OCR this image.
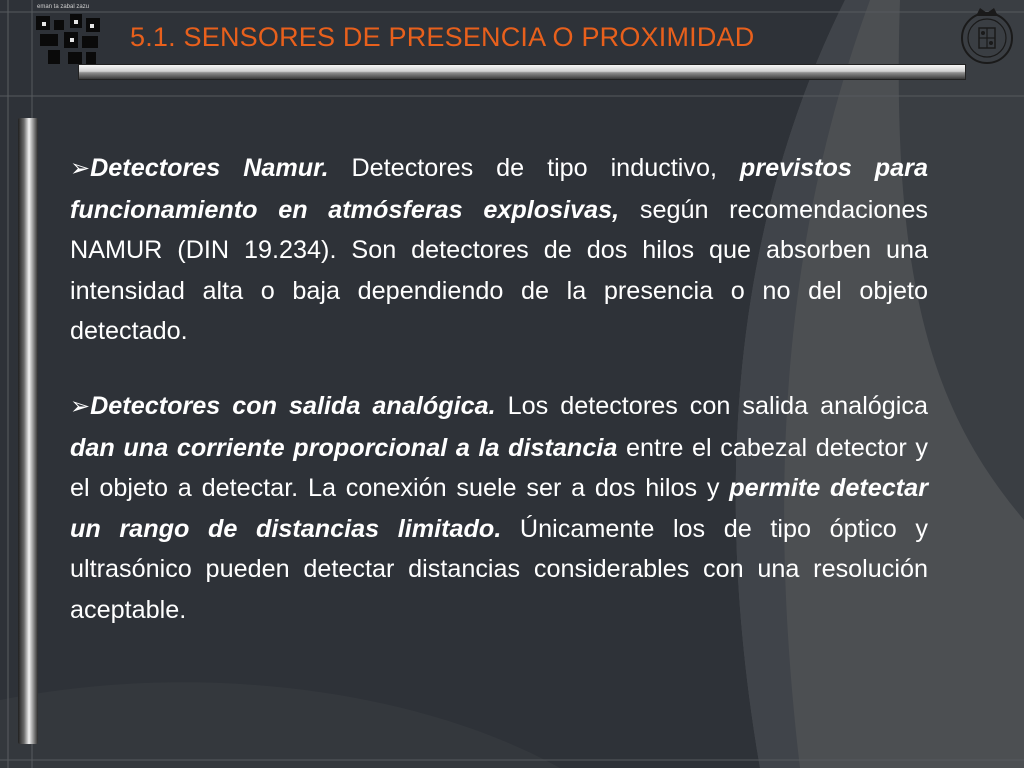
eman ta zabal zazu
5.1. SENSORES DE PRESENCIA O PROXIMIDAD

➢Detectores Namur. Detectores de tipo inductivo, previstos para funcionamiento en atmósferas explosivas, según recomendaciones NAMUR (DIN 19.234). Son detectores de dos hilos que absorben una intensidad alta o baja dependiendo de la presencia o no del objeto detectado.

➢Detectores con salida analógica. Los detectores con salida analógica dan una corriente proporcional a la distancia entre el cabezal detector y el objeto a detectar. La conexión suele ser a dos hilos y permite detectar un rango de distancias limitado. Únicamente los de tipo óptico y ultrasónico pueden detectar distancias considerables con una resolución aceptable.
